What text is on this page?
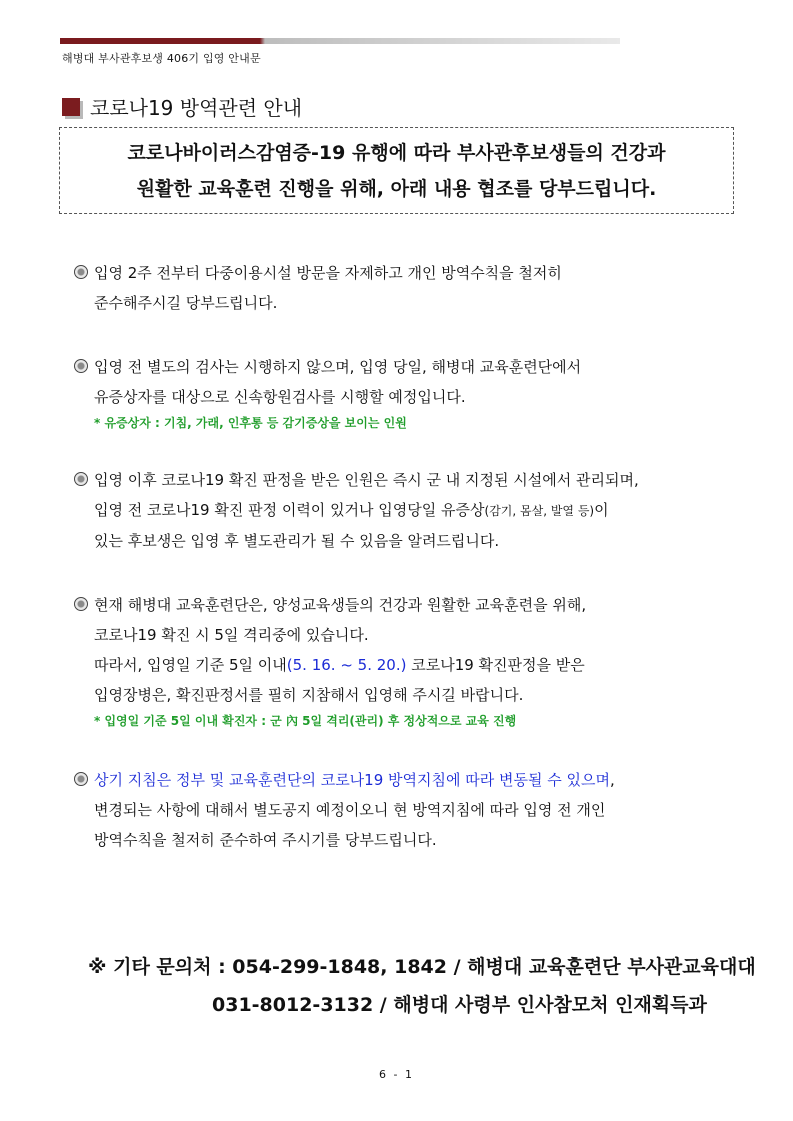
해병대 부사관후보생 406기 입영 안내문
코로나19 방역관련 안내
코로나바이러스감염증-19 유행에 따라 부사관후보생들의 건강과
원활한 교육훈련 진행을 위해, 아래 내용 협조를 당부드립니다.
입영 2주 전부터 다중이용시설 방문을 자제하고 개인 방역수칙을 철저히
준수해주시길 당부드립니다.
입영 전 별도의 검사는 시행하지 않으며, 입영 당일, 해병대 교육훈련단에서
유증상자를 대상으로 신속항원검사를 시행할 예정입니다.
* 유증상자 : 기침, 가래, 인후통 등 감기증상을 보이는 인원
입영 이후 코로나19 확진 판정을 받은 인원은 즉시 군 내 지정된 시설에서 관리되며,
입영 전 코로나19 확진 판정 이력이 있거나 입영당일 유증상(감기, 몸살, 발열 등)이
있는 후보생은 입영 후 별도관리가 될 수 있음을 알려드립니다.
현재 해병대 교육훈련단은, 양성교육생들의 건강과 원활한 교육훈련을 위해,
코로나19 확진 시 5일 격리중에 있습니다.
따라서, 입영일 기준 5일 이내(5. 16. ~ 5. 20.) 코로나19 확진판정을 받은
입영장병은, 확진판정서를 필히 지참해서 입영해 주시길 바랍니다.
* 입영일 기준 5일 이내 확진자 : 군 內 5일 격리(관리) 후 정상적으로 교육 진행
상기 지침은 정부 및 교육훈련단의 코로나19 방역지침에 따라 변동될 수 있으며,
변경되는 사항에 대해서 별도공지 예정이오니 현 방역지침에 따라 입영 전 개인
방역수칙을 철저히 준수하여 주시기를 당부드립니다.
※ 기타 문의처 : 054-299-1848, 1842 / 해병대 교육훈련단 부사관교육대대
031-8012-3132 / 해병대 사령부 인사참모처 인재획득과
6 - 1
